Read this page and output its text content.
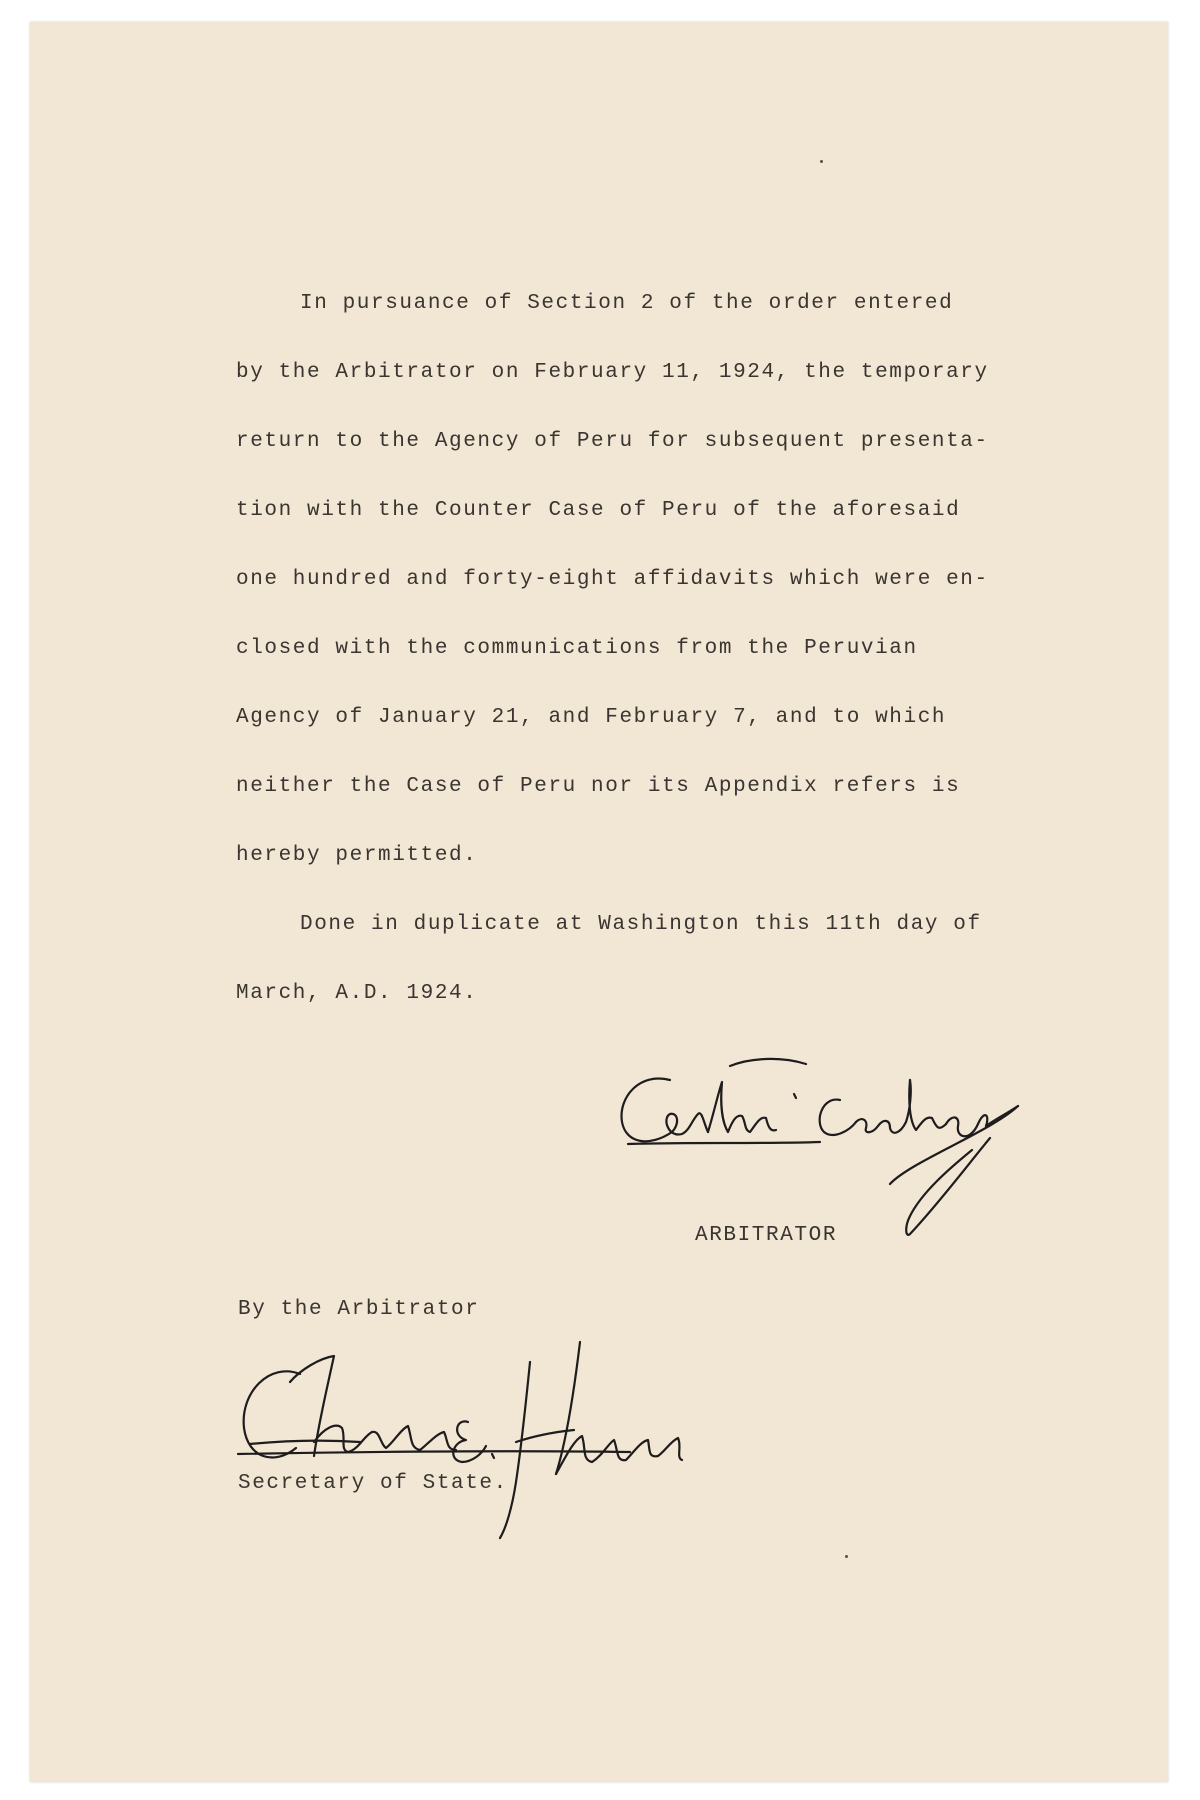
In pursuance of Section 2 of the order entered

by the Arbitrator on February 11, 1924, the temporary

return to the Agency of Peru for subsequent presenta-

tion with the Counter Case of Peru of the aforesaid

one hundred and forty-eight affidavits which were en-

closed with the communications from the Peruvian

Agency of January 21, and February 7, and to which

neither the Case of Peru nor its Appendix refers is

hereby permitted.

Done in duplicate at Washington this 11th day of

March, A.D. 1924.

ARBITRATOR

By the Arbitrator

Secretary of State.
